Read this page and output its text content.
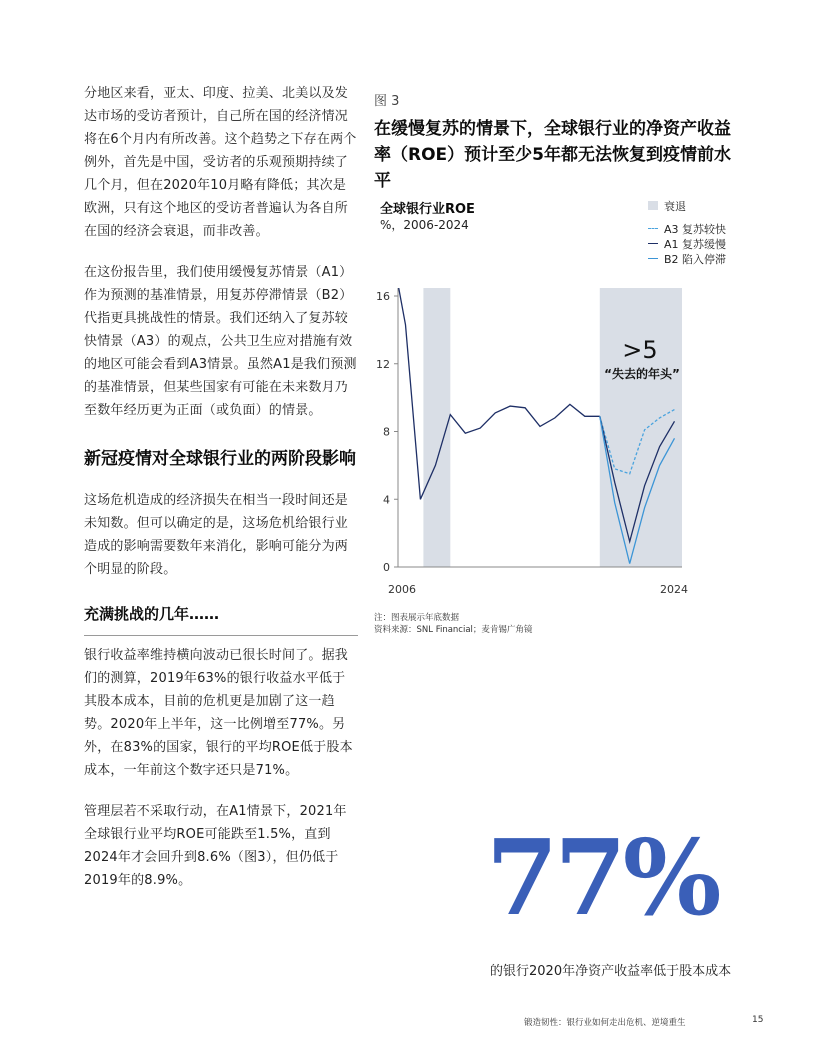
分地区来看，亚太、印度、拉美、北美以及发达市场的受访者预计，自己所在国的经济情况将在6个月内有所改善。这个趋势之下存在两个例外，首先是中国，受访者的乐观预期持续了几个月，但在2020年10月略有降低；其次是欧洲，只有这个地区的受访者普遍认为各自所在国的经济会衰退，而非改善。

在这份报告里，我们使用缓慢复苏情景（A1）作为预测的基准情景，用复苏停滞情景（B2）代指更具挑战性的情景。我们还纳入了复苏较快情景（A3）的观点，公共卫生应对措施有效的地区可能会看到A3情景。虽然A1是我们预测的基准情景，但某些国家有可能在未来数月乃至数年经历更为正面（或负面）的情景。

新冠疫情对全球银行业的两阶段影响

这场危机造成的经济损失在相当一段时间还是未知数。但可以确定的是，这场危机给银行业造成的影响需要数年来消化，影响可能分为两个明显的阶段。

充满挑战的几年……

银行收益率维持横向波动已很长时间了。据我们的测算，2019年63%的银行收益水平低于其股本成本，目前的危机更是加剧了这一趋势。2020年上半年，这一比例增至77%。另外，在83%的国家，银行的平均ROE低于股本成本，一年前这个数字还只是71%。

管理层若不采取行动，在A1情景下，2021年全球银行业平均ROE可能跌至1.5%，直到2024年才会回升到8.6%（图3），但仍低于2019年的8.9%。

图 3
在缓慢复苏的情景下，全球银行业的净资产收益率（ROE）预计至少5年都无法恢复到疫情前水平
全球银行业ROE
%，2006-2024
衰退
A3 复苏较快
A1 复苏缓慢
B2 陷入停滞
0
4
8
12
16
2006	2024
>5
“失去的年头”
注：图表展示年底数据
资料来源：SNL Financial；麦肯锡广角镜
77%
的银行2020年净资产收益率低于股本成本
锻造韧性：银行业如何走出危机、逆境重生	15
